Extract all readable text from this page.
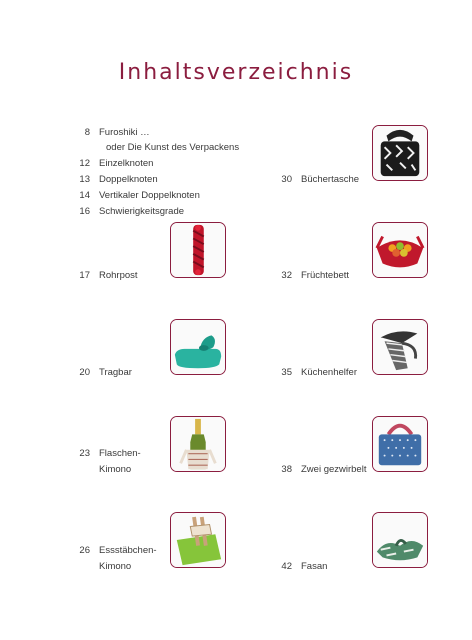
Inhaltsverzeichnis
8 Furoshiki …
oder Die Kunst des Verpackens
12 Einzelknoten
13 Doppelknoten
14 Vertikaler Doppelknoten
16 Schwierigkeitsgrade
17 Rohrpost
20 Tragbar
23 Flaschen-
Kimono
26 Essstäbchen-
Kimono
30 Büchertasche
32 Früchtebett
35 Küchenhelfer
38 Zwei gezwirbelt
42 Fasan
